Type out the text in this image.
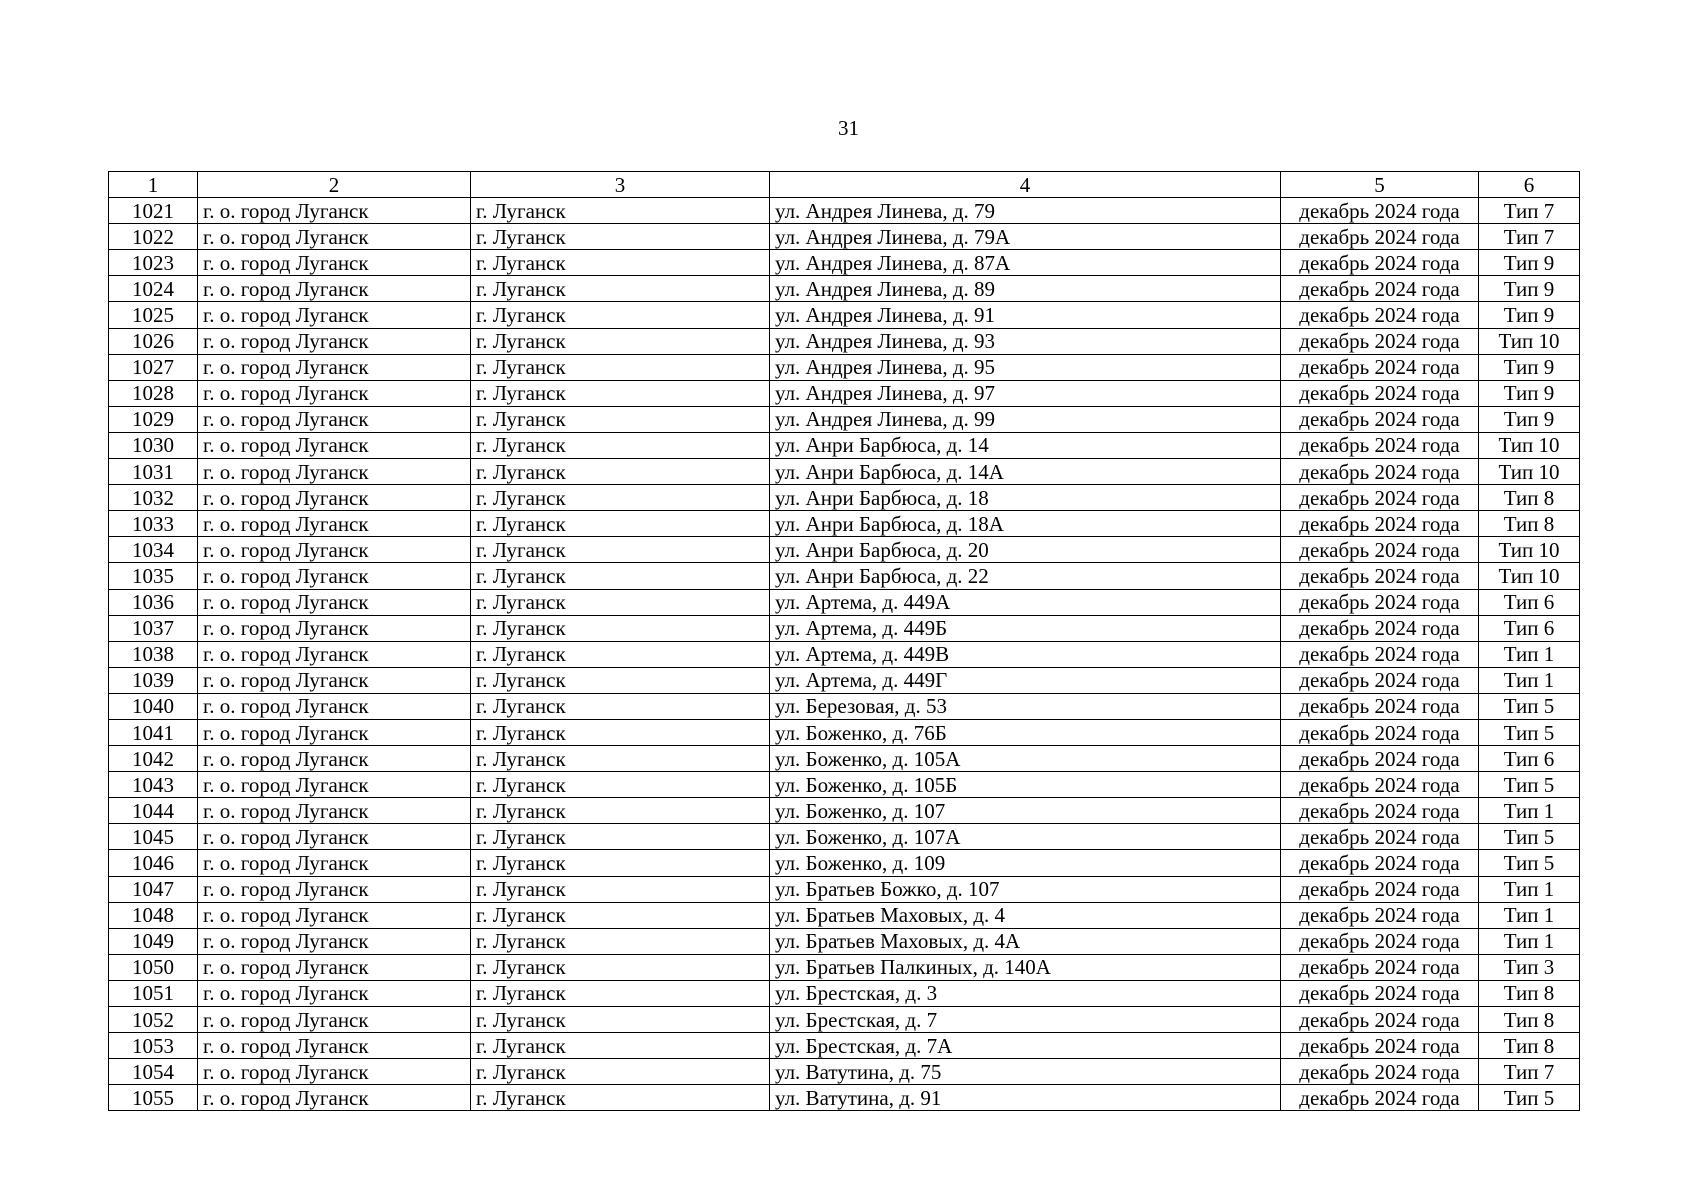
31
1	2	3	4	5	6
1021	г. о. город Луганск	г. Луганск	ул. Андрея Линева, д. 79	декабрь 2024 года	Тип 7
1022	г. о. город Луганск	г. Луганск	ул. Андрея Линева, д. 79А	декабрь 2024 года	Тип 7
1023	г. о. город Луганск	г. Луганск	ул. Андрея Линева, д. 87А	декабрь 2024 года	Тип 9
1024	г. о. город Луганск	г. Луганск	ул. Андрея Линева, д. 89	декабрь 2024 года	Тип 9
1025	г. о. город Луганск	г. Луганск	ул. Андрея Линева, д. 91	декабрь 2024 года	Тип 9
1026	г. о. город Луганск	г. Луганск	ул. Андрея Линева, д. 93	декабрь 2024 года	Тип 10
1027	г. о. город Луганск	г. Луганск	ул. Андрея Линева, д. 95	декабрь 2024 года	Тип 9
1028	г. о. город Луганск	г. Луганск	ул. Андрея Линева, д. 97	декабрь 2024 года	Тип 9
1029	г. о. город Луганск	г. Луганск	ул. Андрея Линева, д. 99	декабрь 2024 года	Тип 9
1030	г. о. город Луганск	г. Луганск	ул. Анри Барбюса, д. 14	декабрь 2024 года	Тип 10
1031	г. о. город Луганск	г. Луганск	ул. Анри Барбюса, д. 14А	декабрь 2024 года	Тип 10
1032	г. о. город Луганск	г. Луганск	ул. Анри Барбюса, д. 18	декабрь 2024 года	Тип 8
1033	г. о. город Луганск	г. Луганск	ул. Анри Барбюса, д. 18А	декабрь 2024 года	Тип 8
1034	г. о. город Луганск	г. Луганск	ул. Анри Барбюса, д. 20	декабрь 2024 года	Тип 10
1035	г. о. город Луганск	г. Луганск	ул. Анри Барбюса, д. 22	декабрь 2024 года	Тип 10
1036	г. о. город Луганск	г. Луганск	ул. Артема, д. 449А	декабрь 2024 года	Тип 6
1037	г. о. город Луганск	г. Луганск	ул. Артема, д. 449Б	декабрь 2024 года	Тип 6
1038	г. о. город Луганск	г. Луганск	ул. Артема, д. 449В	декабрь 2024 года	Тип 1
1039	г. о. город Луганск	г. Луганск	ул. Артема, д. 449Г	декабрь 2024 года	Тип 1
1040	г. о. город Луганск	г. Луганск	ул. Березовая, д. 53	декабрь 2024 года	Тип 5
1041	г. о. город Луганск	г. Луганск	ул. Боженко, д. 76Б	декабрь 2024 года	Тип 5
1042	г. о. город Луганск	г. Луганск	ул. Боженко, д. 105А	декабрь 2024 года	Тип 6
1043	г. о. город Луганск	г. Луганск	ул. Боженко, д. 105Б	декабрь 2024 года	Тип 5
1044	г. о. город Луганск	г. Луганск	ул. Боженко, д. 107	декабрь 2024 года	Тип 1
1045	г. о. город Луганск	г. Луганск	ул. Боженко, д. 107А	декабрь 2024 года	Тип 5
1046	г. о. город Луганск	г. Луганск	ул. Боженко, д. 109	декабрь 2024 года	Тип 5
1047	г. о. город Луганск	г. Луганск	ул. Братьев Божко, д. 107	декабрь 2024 года	Тип 1
1048	г. о. город Луганск	г. Луганск	ул. Братьев Маховых, д. 4	декабрь 2024 года	Тип 1
1049	г. о. город Луганск	г. Луганск	ул. Братьев Маховых, д. 4А	декабрь 2024 года	Тип 1
1050	г. о. город Луганск	г. Луганск	ул. Братьев Палкиных, д. 140А	декабрь 2024 года	Тип 3
1051	г. о. город Луганск	г. Луганск	ул. Брестская, д. 3	декабрь 2024 года	Тип 8
1052	г. о. город Луганск	г. Луганск	ул. Брестская, д. 7	декабрь 2024 года	Тип 8
1053	г. о. город Луганск	г. Луганск	ул. Брестская, д. 7А	декабрь 2024 года	Тип 8
1054	г. о. город Луганск	г. Луганск	ул. Ватутина, д. 75	декабрь 2024 года	Тип 7
1055	г. о. город Луганск	г. Луганск	ул. Ватутина, д. 91	декабрь 2024 года	Тип 5
